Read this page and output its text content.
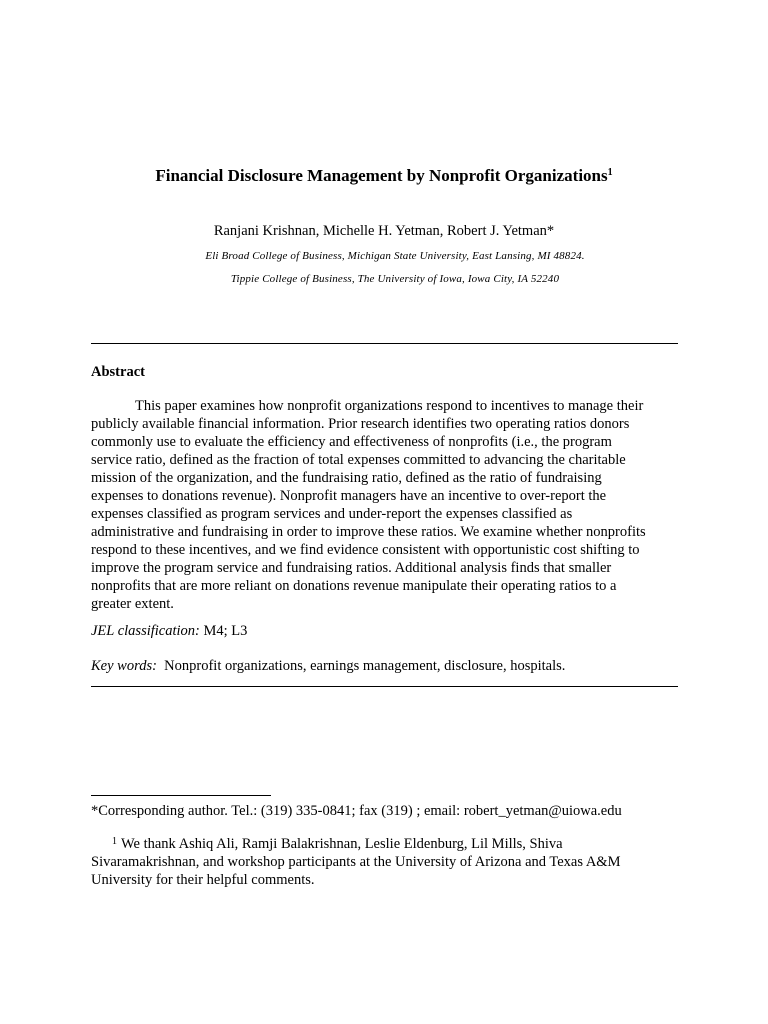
Financial Disclosure Management by Nonprofit Organizations$^1$
Ranjani Krishnan, Michelle H. Yetman, Robert J. Yetman*
Eli Broad College of Business, Michigan State University, East Lansing, MI 48824.
Tippie College of Business, The University of Iowa, Iowa City, IA 52240
Abstract
This paper examines how nonprofit organizations respond to incentives to manage their
publicly available financial information. Prior research identifies two operating ratios donors
commonly use to evaluate the efficiency and effectiveness of nonprofits (i.e., the program
service ratio, defined as the fraction of total expenses committed to advancing the charitable
mission of the organization, and the fundraising ratio, defined as the ratio of fundraising
expenses to donations revenue). Nonprofit managers have an incentive to over-report the
expenses classified as program services and under-report the expenses classified as
administrative and fundraising in order to improve these ratios. We examine whether nonprofits
respond to these incentives, and we find evidence consistent with opportunistic cost shifting to
improve the program service and fundraising ratios. Additional analysis finds that smaller
nonprofits that are more reliant on donations revenue manipulate their operating ratios to a
greater extent.
JEL classification: M4; L3
Key words:  Nonprofit organizations, earnings management, disclosure, hospitals.
*Corresponding author. Tel.: (319) 335-0841; fax (319) ; email: robert_yetman@uiowa.edu
$^1$ We thank Ashiq Ali, Ramji Balakrishnan, Leslie Eldenburg, Lil Mills, Shiva
Sivaramakrishnan, and workshop participants at the University of Arizona and Texas A&M
University for their helpful comments.
